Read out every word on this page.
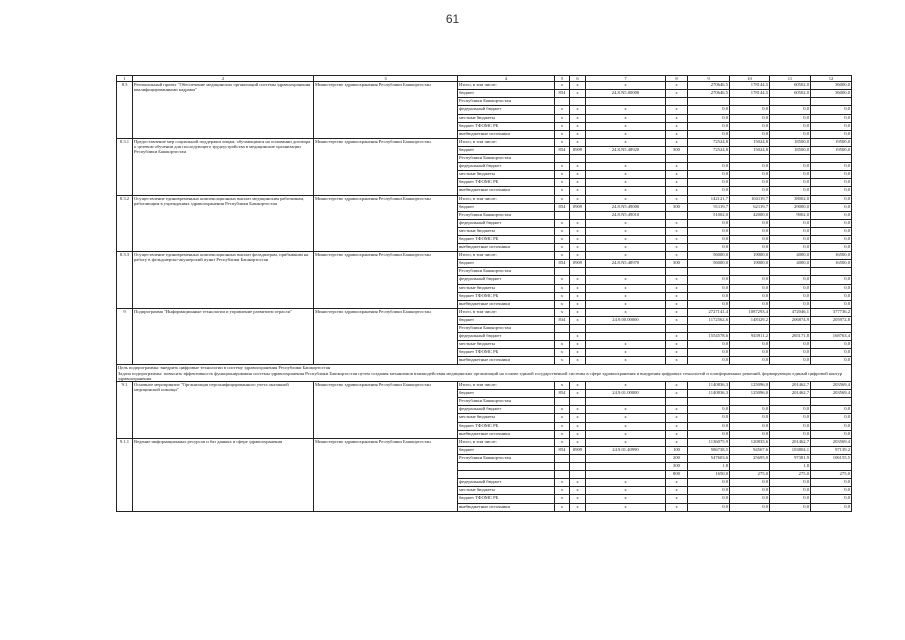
61
1	2	3	4	5	6	7	8	9	10	11	12
8.3	Региональный проект "Обеспечение медицинских организаций системы здравоохранения квалифицированными кадрами"	Министерство здравоохранения Республики Башкортостан	Итого, в том числе:	х	х	х	х	270646,5	178144,5	60502,0	36000,0
			бюджет	854	х	24.8.N5.00000	х	270646,5	178144,5	60502,0	36000,0
			Республики Башкортостан								
			федеральный бюджет	х	х	х	х	0,0	0,0	0,0	0,0
			местные бюджеты	х	х	х	х	0,0	0,0	0,0	0,0
			бюджет ТФОМС РБ	х	х	х	х	0,0	0,0	0,0	0,0
			внебюджетные источники	х	х	х	х	0,0	0,0	0,0	0,0
8.3.1	Предоставление мер социальной поддержки лицам, обучающимся на основании договора о целевом обучении для последующего трудоустройства в медицинские организации Республики Башкортостан	Министерство здравоохранения Республики Башкортостан	Итого, в том числе:	х	х	х	х	72524,8	15024,8	18500,0	19500,0
			бюджет	854	0909	24.8.N5.48920	300	72524,8	15024,8	18500,0	19500,0
			Республики Башкортостан								
			федеральный бюджет	х	х	х	х	0,0	0,0	0,0	0,0
			местные бюджеты	х	х	х	х	0,0	0,0	0,0	0,0
			бюджет ТФОМС РБ	х	х	х	х	0,0	0,0	0,0	0,0
			внебюджетные источники	х	х	х	х	0,0	0,0	0,0	0,0
8.3.2	Осуществление единовременных компенсационных выплат медицинским работникам, работающим в учреждениях здравоохранения Республики Башкортостан	Министерство здравоохранения Республики Башкортостан	Итого, в том числе:	х	х	х	х	142121,7	104119,7	38002,0	0,0
			бюджет	854	0909	24.8.N5.49000	300	91119,7	62119,7	29000,0	0,0
			Республики Башкортостан			24.8.N5.49010		51002,0	42000,0	9002,0	0,0
			федеральный бюджет	х	х	х	х	0,0	0,0	0,0	0,0
			местные бюджеты	х	х	х	х	0,0	0,0	0,0	0,0
			бюджет ТФОМС РБ	х	х	х	х	0,0	0,0	0,0	0,0
			внебюджетные источники	х	х	х	х	0,0	0,0	0,0	0,0
8.3.3	Осуществление единовременных компенсационных выплат фельдшерам, прибывшим на работу в фельдшерско-акушерский пункт Республики Башкортостан	Министерство здравоохранения Республики Башкортостан	Итого, в том числе:	х	х	х	х	56000,0	19000,0	4000,0	16500,0
			бюджет	854	0909	24.8.N5.48970	300	56000,0	19000,0	4000,0	16500,0
			Республики Башкортостан								
			федеральный бюджет	х	х	х	х	0,0	0,0	0,0	0,0
			местные бюджеты	х	х	х	х	0,0	0,0	0,0	0,0
			бюджет ТФОМС РБ	х	х	х	х	0,0	0,0	0,0	0,0
			внебюджетные источники	х	х	х	х	0,0	0,0	0,0	0,0
9	Подпрограмма "Информационные технологии и управление развитием отрасли"	Министерство здравоохранения Республики Башкортостан	Итого, в том числе:	х	х	х	х	2727141,4	1087293,4	472046,1	377736,2
			бюджет	834	х	24.9.00.00000	х	1172562,6	148329,2	206874,9	205972,8
			Республики Башкортостан								
			федеральный бюджет		х		х	1554578,6	943911,2	265171,8	168763,4
			местные бюджеты	х	х	х	х	0,0	0,0	0,0	0,0
			бюджет ТФОМС РБ	х	х	х	х	0,0	0,0	0,0	0,0
			внебюджетные источники	х	х	х	х	0,0	0,0	0,0	0,0
Цель подпрограммы: внедрить цифровые технологии в систему здравоохранения Республики Башкортостан
Задача подпрограммы: повысить эффективность функционирования системы здравоохранения Республики Башкортостан путем создания механизмов взаимодействия медицинских организаций на основе единой государственной системы в сфере здравоохранения и внедрения цифровых технологий и платформенных решений, формирующих единый цифровой контур здравоохранения											
9.1	Основное мероприятие "Организация персонифицированного учета оказанной медицинской помощи"	Министерство здравоохранения Республики Башкортостан	Итого, в том числе:	х	х	х	х	1140836,3	125096,0	201462,7	203569,4
			бюджет	854	х	24.9.01.00000	х	1140836,3	125096,0	201462,7	203569,4
			Республики Башкортостан								
			федеральный бюджет	х	х	х	х	0,0	0,0	0,0	0,0
			местные бюджеты	х	х	х	х	0,0	0,0	0,0	0,0
			бюджет ТФОМС РБ	х	х	х	х	0,0	0,0	0,0	0,0
			внебюджетные источники	х	х	х	х	0,0	0,0	0,0	0,0
9.1.1	Ведение информационных ресурсов и баз данных в сфере здравоохранения	Министерство здравоохранения Республики Башкортостан	Итого, в том числе:	х	х	х	х	1136075,9	120835,6	201462,7	203569,4
			бюджет	854	0909	24.9.01.40990	100	586738,5	94567,6	103804,1	97139,2
			Республики Башкортостан				200	547603,6	25695,0	97381,9	106155,5
							300	1,8		1,8	
							800	1650,0	275,0	275,0	275,0
			федеральный бюджет	х	х	х	х	0,0	0,0	0,0	0,0
			местные бюджеты	х	х	х	х	0,0	0,0	0,0	0,0
			бюджет ТФОМС РБ	х	х	х	х	0,0	0,0	0,0	0,0
			внебюджетные источники	х	х	х	х	0,0	0,0	0,0	0,0
